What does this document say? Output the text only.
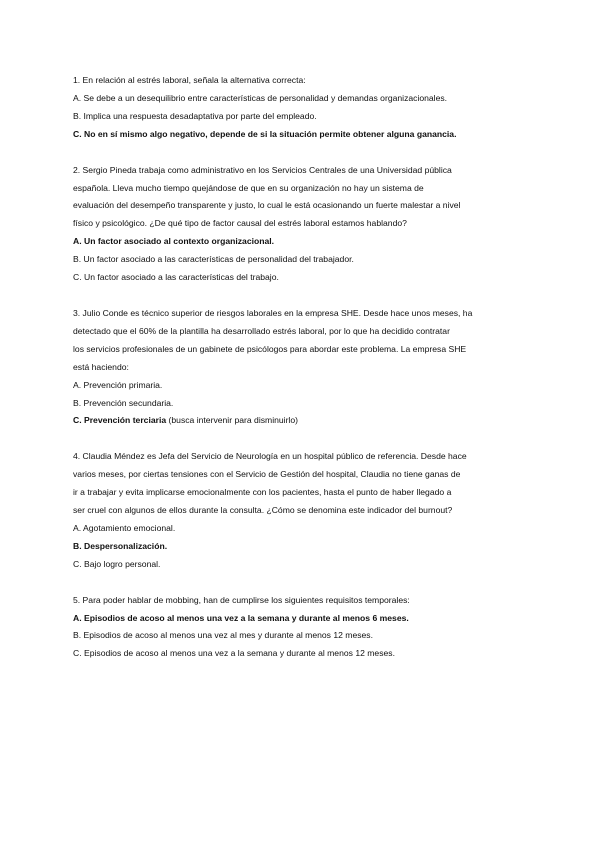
1. En relación al estrés laboral, señala la alternativa correcta:
A. Se debe a un desequilibrio entre características de personalidad y demandas organizacionales.
B. Implica una respuesta desadaptativa por parte del empleado.
C. No en sí mismo algo negativo, depende de si la situación permite obtener alguna ganancia.
2. Sergio Pineda trabaja como administrativo en los Servicios Centrales de una Universidad pública
española. Lleva mucho tiempo quejándose de que en su organización no hay un sistema de
evaluación del desempeño transparente y justo, lo cual le está ocasionando un fuerte malestar a nivel
físico y psicológico. ¿De qué tipo de factor causal del estrés laboral estamos hablando?
A. Un factor asociado al contexto organizacional.
B. Un factor asociado a las características de personalidad del trabajador.
C. Un factor asociado a las características del trabajo.
3. Julio Conde es técnico superior de riesgos laborales en la empresa SHE. Desde hace unos meses, ha
detectado que el 60% de la plantilla ha desarrollado estrés laboral, por lo que ha decidido contratar
los servicios profesionales de un gabinete de psicólogos para abordar este problema. La empresa SHE
está haciendo:
A. Prevención primaria.
B. Prevención secundaria.
C. Prevención terciaria (busca intervenir para disminuirlo)
4. Claudia Méndez es Jefa del Servicio de Neurología en un hospital público de referencia. Desde hace
varios meses, por ciertas tensiones con el Servicio de Gestión del hospital, Claudia no tiene ganas de
ir a trabajar y evita implicarse emocionalmente con los pacientes, hasta el punto de haber llegado a
ser cruel con algunos de ellos durante la consulta. ¿Cómo se denomina este indicador del burnout?
A. Agotamiento emocional.
B. Despersonalización.
C. Bajo logro personal.
5. Para poder hablar de mobbing, han de cumplirse los siguientes requisitos temporales:
A. Episodios de acoso al menos una vez a la semana y durante al menos 6 meses.
B. Episodios de acoso al menos una vez al mes y durante al menos 12 meses.
C. Episodios de acoso al menos una vez a la semana y durante al menos 12 meses.
